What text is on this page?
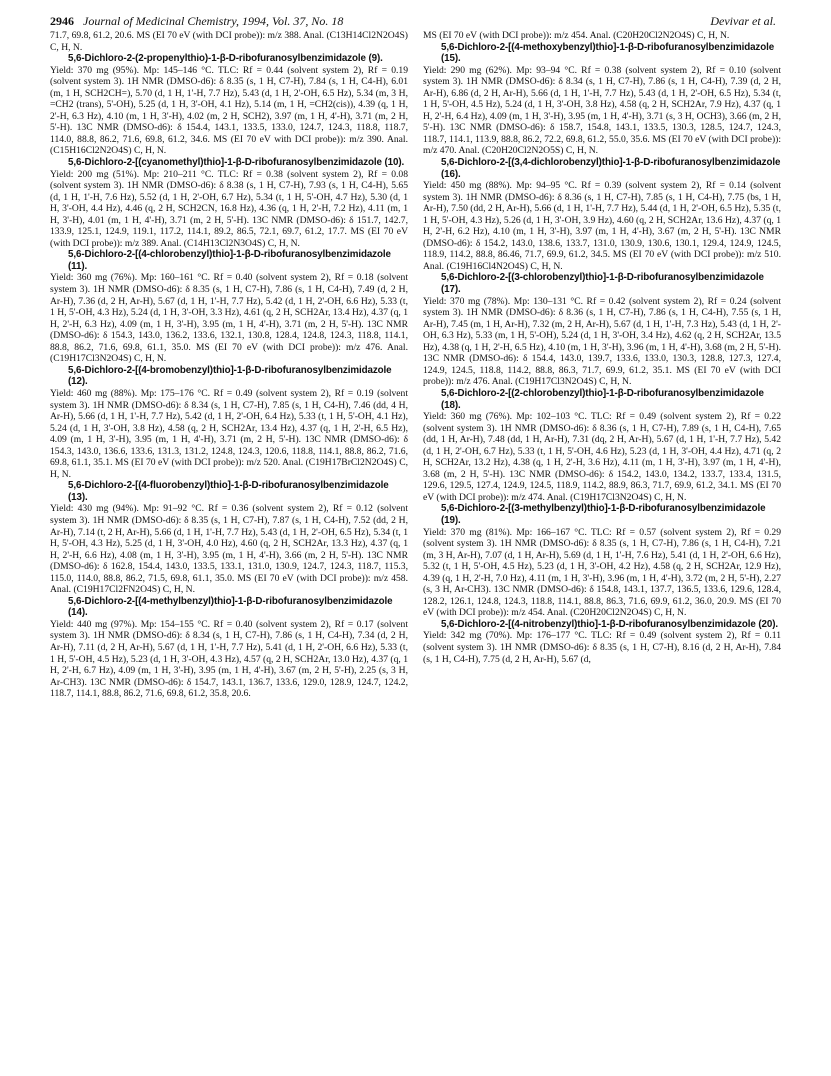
2946 Journal of Medicinal Chemistry, 1994, Vol. 37, No. 18	Devivar et al.

71.7, 69.8, 61.2, 20.6. MS (EI 70 eV (with DCI probe)): m/z 388. Anal. (C13H14Cl2N2O4S) C, H, N.

5,6-Dichloro-2-(2-propenylthio)-1-β-D-ribofuranosylbenzimidazole (9).
Yield: 370 mg (95%). Mp: 145–146 °C. TLC: Rf = 0.44 (solvent system 2), Rf = 0.19 (solvent system 3). 1H NMR (DMSO-d6): δ 8.35 (s, 1 H, C7-H), 7.84 (s, 1 H, C4-H), 6.01 (m, 1 H, SCH2CH=), 5.70 (d, 1 H, 1'-H, 7.7 Hz), 5.43 (d, 1 H, 2'-OH, 6.5 Hz), 5.34 (m, 3 H, =CH2 (trans), 5'-OH), 5.25 (d, 1 H, 3'-OH, 4.1 Hz), 5.14 (m, 1 H, =CH2(cis)), 4.39 (q, 1 H, 2'-H, 6.3 Hz), 4.10 (m, 1 H, 3'-H), 4.02 (m, 2 H, SCH2), 3.97 (m, 1 H, 4'-H), 3.71 (m, 2 H, 5'-H). 13C NMR (DMSO-d6): δ 154.4, 143.1, 133.5, 133.0, 124.7, 124.3, 118.8, 118.7, 114.0, 88.8, 86.2, 71.6, 69.8, 61.2, 34.6. MS (EI 70 eV with DCI probe)): m/z 390. Anal. (C15H16Cl2N2O4S) C, H, N.

5,6-Dichloro-2-[(cyanomethyl)thio]-1-β-D-ribofuranosylbenzimidazole (10).
Yield: 200 mg (51%). Mp: 210–211 °C. TLC: Rf = 0.38 (solvent system 2), Rf = 0.08 (solvent system 3). 1H NMR (DMSO-d6): δ 8.38 (s, 1 H, C7-H), 7.93 (s, 1 H, C4-H), 5.65 (d, 1 H, 1'-H, 7.6 Hz), 5.52 (d, 1 H, 2'-OH, 6.7 Hz), 5.34 (t, 1 H, 5'-OH, 4.7 Hz), 5.30 (d, 1 H, 3'-OH, 4.4 Hz), 4.46 (q, 2 H, SCH2CN, 16.8 Hz), 4.36 (q, 1 H, 2'-H, 7.2 Hz), 4.11 (m, 1 H, 3'-H), 4.01 (m, 1 H, 4'-H), 3.71 (m, 2 H, 5'-H). 13C NMR (DMSO-d6): δ 151.7, 142.7, 133.9, 125.1, 124.9, 119.1, 117.2, 114.1, 89.2, 86.5, 72.1, 69.7, 61.2, 17.7. MS (EI 70 eV (with DCI probe)): m/z 389. Anal. (C14H13Cl2N3O4S) C, H, N.

5,6-Dichloro-2-[(4-chlorobenzyl)thio]-1-β-D-ribofuranosylbenzimidazole (11).
Yield: 360 mg (76%). Mp: 160–161 °C. Rf = 0.40 (solvent system 2), Rf = 0.18 (solvent system 3). 1H NMR (DMSO-d6): δ 8.35 (s, 1 H, C7-H), 7.86 (s, 1 H, C4-H), 7.49 (d, 2 H, Ar-H), 7.36 (d, 2 H, Ar-H), 5.67 (d, 1 H, 1'-H, 7.7 Hz), 5.42 (d, 1 H, 2'-OH, 6.6 Hz), 5.33 (t, 1 H, 5'-OH, 4.3 Hz), 5.24 (d, 1 H, 3'-OH, 3.3 Hz), 4.61 (q, 2 H, SCH2Ar, 13.4 Hz), 4.37 (q, 1 H, 2'-H, 6.3 Hz), 4.09 (m, 1 H, 3'-H), 3.95 (m, 1 H, 4'-H), 3.71 (m, 2 H, 5'-H). 13C NMR (DMSO-d6): δ 154.3, 143.0, 136.2, 133.6, 132.1, 130.8, 128.4, 124.8, 124.3, 118.8, 114.1, 88.8, 86.2, 71.6, 69.8, 61.1, 35.0. MS (EI 70 eV (with DCI probe)): m/z 476. Anal. (C19H17Cl3N2O4S) C, H, N.

5,6-Dichloro-2-[(4-bromobenzyl)thio]-1-β-D-ribofuranosylbenzimidazole (12).
Yield: 460 mg (88%). Mp: 175–176 °C. Rf = 0.49 (solvent system 2), Rf = 0.19 (solvent system 3). 1H NMR (DMSO-d6): δ 8.34 (s, 1 H, C7-H), 7.85 (s, 1 H, C4-H), 7.46 (dd, 4 H, Ar-H), 5.66 (d, 1 H, 1'-H, 7.7 Hz), 5.42 (d, 1 H, 2'-OH, 6.4 Hz), 5.33 (t, 1 H, 5'-OH, 4.1 Hz), 5.24 (d, 1 H, 3'-OH, 3.8 Hz), 4.58 (q, 2 H, SCH2Ar, 13.4 Hz), 4.37 (q, 1 H, 2'-H, 6.5 Hz), 4.09 (m, 1 H, 3'-H), 3.95 (m, 1 H, 4'-H), 3.71 (m, 2 H, 5'-H). 13C NMR (DMSO-d6): δ 154.3, 143.0, 136.6, 133.6, 131.3, 131.2, 124.8, 124.3, 120.6, 118.8, 114.1, 88.8, 86.2, 71.6, 69.8, 61.1, 35.1. MS (EI 70 eV (with DCI probe)): m/z 520. Anal. (C19H17BrCl2N2O4S) C, H, N.

5,6-Dichloro-2-[(4-fluorobenzyl)thio]-1-β-D-ribofuranosylbenzimidazole (13).
Yield: 430 mg (94%). Mp: 91–92 °C. Rf = 0.36 (solvent system 2), Rf = 0.12 (solvent system 3). 1H NMR (DMSO-d6): δ 8.35 (s, 1 H, C7-H), 7.87 (s, 1 H, C4-H), 7.52 (dd, 2 H, Ar-H), 7.14 (t, 2 H, Ar-H), 5.66 (d, 1 H, 1'-H, 7.7 Hz), 5.43 (d, 1 H, 2'-OH, 6.5 Hz), 5.34 (t, 1 H, 5'-OH, 4.3 Hz), 5.25 (d, 1 H, 3'-OH, 4.0 Hz), 4.60 (q, 2 H, SCH2Ar, 13.3 Hz), 4.37 (q, 1 H, 2'-H, 6.6 Hz), 4.08 (m, 1 H, 3'-H), 3.95 (m, 1 H, 4'-H), 3.66 (m, 2 H, 5'-H). 13C NMR (DMSO-d6): δ 162.8, 154.4, 143.0, 133.5, 133.1, 131.0, 130.9, 124.7, 124.3, 118.7, 115.3, 115.0, 114.0, 88.8, 86.2, 71.5, 69.8, 61.1, 35.0. MS (EI 70 eV (with DCI probe)): m/z 458. Anal. (C19H17Cl2FN2O4S) C, H, N.

5,6-Dichloro-2-[(4-methylbenzyl)thio]-1-β-D-ribofuranosylbenzimidazole (14).
Yield: 440 mg (97%). Mp: 154–155 °C. Rf = 0.40 (solvent system 2), Rf = 0.17 (solvent system 3). 1H NMR (DMSO-d6): δ 8.34 (s, 1 H, C7-H), 7.86 (s, 1 H, C4-H), 7.34 (d, 2 H, Ar-H), 7.11 (d, 2 H, Ar-H), 5.67 (d, 1 H, 1'-H, 7.7 Hz), 5.41 (d, 1 H, 2'-OH, 6.6 Hz), 5.33 (t, 1 H, 5'-OH, 4.5 Hz), 5.23 (d, 1 H, 3'-OH, 4.3 Hz), 4.57 (q, 2 H, SCH2Ar, 13.0 Hz), 4.37 (q, 1 H, 2'-H, 6.7 Hz), 4.09 (m, 1 H, 3'-H), 3.95 (m, 1 H, 4'-H), 3.67 (m, 2 H, 5'-H), 2.25 (s, 3 H, Ar-CH3). 13C NMR (DMSO-d6): δ 154.7, 143.1, 136.7, 133.6, 129.0, 128.9, 124.7, 124.2, 118.7, 114.1, 88.8, 86.2, 71.6, 69.8, 61.2, 35.8, 20.6.

MS (EI 70 eV (with DCI probe)): m/z 454. Anal. (C20H20Cl2N2O4S) C, H, N.

5,6-Dichloro-2-[(4-methoxybenzyl)thio]-1-β-D-ribofuranosylbenzimidazole (15).
Yield: 290 mg (62%). Mp: 93–94 °C. Rf = 0.38 (solvent system 2), Rf = 0.10 (solvent system 3). 1H NMR (DMSO-d6): δ 8.34 (s, 1 H, C7-H), 7.86 (s, 1 H, C4-H), 7.39 (d, 2 H, Ar-H), 6.86 (d, 2 H, Ar-H), 5.66 (d, 1 H, 1'-H, 7.7 Hz), 5.43 (d, 1 H, 2'-OH, 6.5 Hz), 5.34 (t, 1 H, 5'-OH, 4.5 Hz), 5.24 (d, 1 H, 3'-OH, 3.8 Hz), 4.58 (q, 2 H, SCH2Ar, 7.9 Hz), 4.37 (q, 1 H, 2'-H, 6.4 Hz), 4.09 (m, 1 H, 3'-H), 3.95 (m, 1 H, 4'-H), 3.71 (s, 3 H, OCH3), 3.66 (m, 2 H, 5'-H). 13C NMR (DMSO-d6): δ 158.7, 154.8, 143.1, 133.5, 130.3, 128.5, 124.7, 124.3, 118.7, 114.1, 113.9, 88.8, 86.2, 72.2, 69.8, 61.2, 55.0, 35.6. MS (EI 70 eV (with DCI probe)): m/z 470. Anal. (C20H20Cl2N2O5S) C, H, N.

5,6-Dichloro-2-[(3,4-dichlorobenzyl)thio]-1-β-D-ribofuranosylbenzimidazole (16).
Yield: 450 mg (88%). Mp: 94–95 °C. Rf = 0.39 (solvent system 2), Rf = 0.14 (solvent system 3). 1H NMR (DMSO-d6): δ 8.36 (s, 1 H, C7-H), 7.85 (s, 1 H, C4-H), 7.75 (bs, 1 H, Ar-H), 7.50 (dd, 2 H, Ar-H), 5.66 (d, 1 H, 1'-H, 7.7 Hz), 5.44 (d, 1 H, 2'-OH, 6.5 Hz), 5.35 (t, 1 H, 5'-OH, 4.3 Hz), 5.26 (d, 1 H, 3'-OH, 3.9 Hz), 4.60 (q, 2 H, SCH2Ar, 13.6 Hz), 4.37 (q, 1 H, 2'-H, 6.2 Hz), 4.10 (m, 1 H, 3'-H), 3.97 (m, 1 H, 4'-H), 3.67 (m, 2 H, 5'-H). 13C NMR (DMSO-d6): δ 154.2, 143.0, 138.6, 133.7, 131.0, 130.9, 130.6, 130.1, 129.4, 124.9, 124.5, 118.9, 114.2, 88.8, 86.46, 71.7, 69.9, 61.2, 34.5. MS (EI 70 eV (with DCI probe)): m/z 510. Anal. (C19H16Cl4N2O4S) C, H, N.

5,6-Dichloro-2-[(3-chlorobenzyl)thio]-1-β-D-ribofuranosylbenzimidazole (17).
Yield: 370 mg (78%). Mp: 130–131 °C. Rf = 0.42 (solvent system 2), Rf = 0.24 (solvent system 3). 1H NMR (DMSO-d6): δ 8.36 (s, 1 H, C7-H), 7.86 (s, 1 H, C4-H), 7.55 (s, 1 H, Ar-H), 7.45 (m, 1 H, Ar-H), 7.32 (m, 2 H, Ar-H), 5.67 (d, 1 H, 1'-H, 7.3 Hz), 5.43 (d, 1 H, 2'-OH, 6.3 Hz), 5.33 (m, 1 H, 5'-OH), 5.24 (d, 1 H, 3'-OH, 3.4 Hz), 4.62 (q, 2 H, SCH2Ar, 13.5 Hz), 4.38 (q, 1 H, 2'-H, 6.5 Hz), 4.10 (m, 1 H, 3'-H), 3.96 (m, 1 H, 4'-H), 3.68 (m, 2 H, 5'-H). 13C NMR (DMSO-d6): δ 154.4, 143.0, 139.7, 133.6, 133.0, 130.3, 128.8, 127.3, 127.4, 124.9, 124.5, 118.8, 114.2, 88.8, 86.3, 71.7, 69.9, 61.2, 35.1. MS (EI 70 eV (with DCI probe)): m/z 476. Anal. (C19H17Cl3N2O4S) C, H, N.

5,6-Dichloro-2-[(2-chlorobenzyl)thio]-1-β-D-ribofuranosylbenzimidazole (18).
Yield: 360 mg (76%). Mp: 102–103 °C. TLC: Rf = 0.49 (solvent system 2), Rf = 0.22 (solvent system 3). 1H NMR (DMSO-d6): δ 8.36 (s, 1 H, C7-H), 7.89 (s, 1 H, C4-H), 7.65 (dd, 1 H, Ar-H), 7.48 (dd, 1 H, Ar-H), 7.31 (dq, 2 H, Ar-H), 5.67 (d, 1 H, 1'-H, 7.7 Hz), 5.42 (d, 1 H, 2'-OH, 6.7 Hz), 5.33 (t, 1 H, 5'-OH, 4.6 Hz), 5.23 (d, 1 H, 3'-OH, 4.4 Hz), 4.71 (q, 2 H, SCH2Ar, 13.2 Hz), 4.38 (q, 1 H, 2'-H, 3.6 Hz), 4.11 (m, 1 H, 3'-H), 3.97 (m, 1 H, 4'-H), 3.68 (m, 2 H, 5'-H). 13C NMR (DMSO-d6): δ 154.2, 143.0, 134.2, 133.7, 133.4, 131.5, 129.6, 129.5, 127.4, 124.9, 124.5, 118.9, 114.2, 88.9, 86.3, 71.7, 69.9, 61.2, 34.1. MS (EI 70 eV (with DCI probe)): m/z 474. Anal. (C19H17Cl3N2O4S) C, H, N.

5,6-Dichloro-2-[(3-methylbenzyl)thio]-1-β-D-ribofuranosylbenzimidazole (19).
Yield: 370 mg (81%). Mp: 166–167 °C. TLC: Rf = 0.57 (solvent system 2), Rf = 0.29 (solvent system 3). 1H NMR (DMSO-d6): δ 8.35 (s, 1 H, C7-H), 7.86 (s, 1 H, C4-H), 7.21 (m, 3 H, Ar-H), 7.07 (d, 1 H, Ar-H), 5.69 (d, 1 H, 1'-H, 7.6 Hz), 5.41 (d, 1 H, 2'-OH, 6.6 Hz), 5.32 (t, 1 H, 5'-OH, 4.5 Hz), 5.23 (d, 1 H, 3'-OH, 4.2 Hz), 4.58 (q, 2 H, SCH2Ar, 12.9 Hz), 4.39 (q, 1 H, 2'-H, 7.0 Hz), 4.11 (m, 1 H, 3'-H), 3.96 (m, 1 H, 4'-H), 3.72 (m, 2 H, 5'-H), 2.27 (s, 3 H, Ar-CH3). 13C NMR (DMSO-d6): δ 154.8, 143.1, 137.7, 136.5, 133.6, 129.6, 128.4, 128.2, 126.1, 124.8, 124.3, 118.8, 114.1, 88.8, 86.3, 71.6, 69.9, 61.2, 36.0, 20.9. MS (EI 70 eV (with DCI probe)): m/z 454. Anal. (C20H20Cl2N2O4S) C, H, N.

5,6-Dichloro-2-[(4-nitrobenzyl)thio]-1-β-D-ribofuranosylbenzimidazole (20).
Yield: 342 mg (70%). Mp: 176–177 °C. TLC: Rf = 0.49 (solvent system 2), Rf = 0.11 (solvent system 3). 1H NMR (DMSO-d6): δ 8.35 (s, 1 H, C7-H), 8.16 (d, 2 H, Ar-H), 7.84 (s, 1 H, C4-H), 7.75 (d, 2 H, Ar-H), 5.67 (d,
